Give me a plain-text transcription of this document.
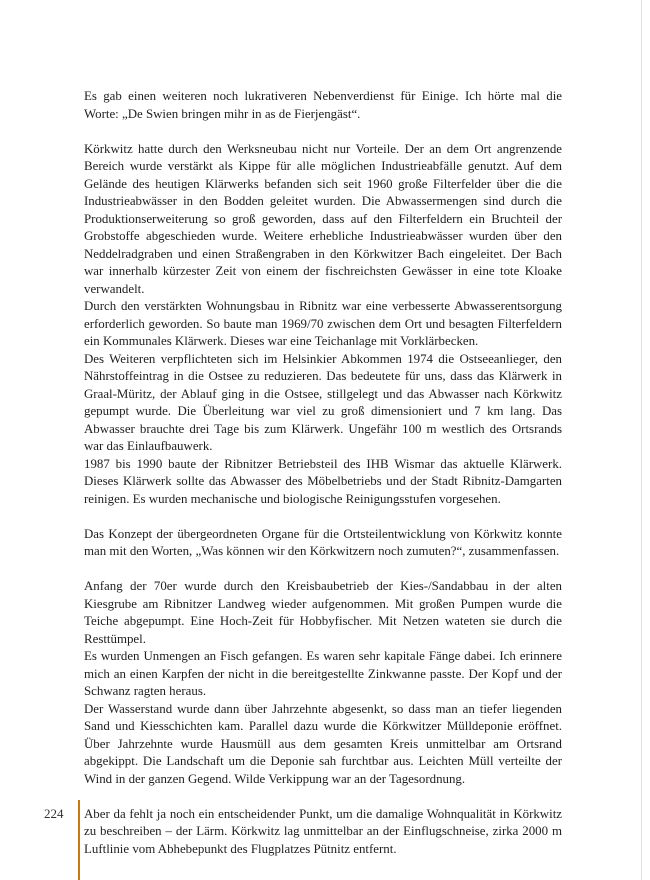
Es gab einen weiteren noch lukrativeren Nebenverdienst für Einige. Ich hörte mal die Worte: „De Swien bringen mihr in as de Fierjengäst“.

Körkwitz hatte durch den Werksneubau nicht nur Vorteile. Der an dem Ort angrenzende Bereich wurde verstärkt als Kippe für alle möglichen Industrieabfälle genutzt. Auf dem Gelände des heutigen Klärwerks befanden sich seit 1960 große Filterfelder über die die Industrieabwässer in den Bodden geleitet wurden. Die Abwassermengen sind durch die Produktionserweiterung so groß geworden, dass auf den Filterfeldern ein Bruchteil der Grobstoffe abgeschieden wurde. Weitere erhebliche Industrieabwässer wurden über den Neddelradgraben und einen Straßengraben in den Körkwitzer Bach eingeleitet. Der Bach war innerhalb kürzester Zeit von einem der fischreichsten Gewässer in eine tote Kloake verwandelt.

Durch den verstärkten Wohnungsbau in Ribnitz war eine verbesserte Abwasserentsorgung erforderlich geworden. So baute man 1969/70 zwischen dem Ort und besagten Filterfeldern ein Kommunales Klärwerk. Dieses war eine Teichanlage mit Vorklärbecken.

Des Weiteren verpflichteten sich im Helsinkier Abkommen 1974 die Ostseeanlieger, den Nährstoffeintrag in die Ostsee zu reduzieren. Das bedeutete für uns, dass das Klärwerk in Graal-Müritz, der Ablauf ging in die Ostsee, stillgelegt und das Abwasser nach Körkwitz gepumpt wurde. Die Überleitung war viel zu groß dimensioniert und 7 km lang. Das Abwasser brauchte drei Tage bis zum Klärwerk. Ungefähr 100 m westlich des Ortsrands war das Einlaufbauwerk.

1987 bis 1990 baute der Ribnitzer Betriebsteil des IHB Wismar das aktuelle Klärwerk. Dieses Klärwerk sollte das Abwasser des Möbelbetriebs und der Stadt Ribnitz-Damgarten reinigen. Es wurden mechanische und biologische Reinigungsstufen vorgesehen.

Das Konzept der übergeordneten Organe für die Ortsteilentwicklung von Körkwitz konnte man mit den Worten, „Was können wir den Körkwitzern noch zumuten?“, zusammenfassen.

Anfang der 70er wurde durch den Kreisbaubetrieb der Kies-/Sandabbau in der alten Kiesgrube am Ribnitzer Landweg wieder aufgenommen. Mit großen Pumpen wurde die Teiche abgepumpt. Eine Hoch-Zeit für Hobbyfischer. Mit Netzen wateten sie durch die Resttümpel.

Es wurden Unmengen an Fisch gefangen. Es waren sehr kapitale Fänge dabei. Ich erinnere mich an einen Karpfen der nicht in die bereitgestellte Zinkwanne passte. Der Kopf und der Schwanz ragten heraus.

Der Wasserstand wurde dann über Jahrzehnte abgesenkt, so dass man an tiefer liegenden Sand und Kiesschichten kam. Parallel dazu wurde die Körkwitzer Mülldeponie eröffnet. Über Jahrzehnte wurde Hausmüll aus dem gesamten Kreis unmittelbar am Ortsrand abgekippt. Die Landschaft um die Deponie sah furchtbar aus. Leichten Müll verteilte der Wind in der ganzen Gegend. Wilde Verkippung war an der Tagesordnung.

Aber da fehlt ja noch ein entscheidender Punkt, um die damalige Wohnqualität in Körkwitz zu beschreiben – der Lärm. Körkwitz lag unmittelbar an der Einflugschneise, zirka 2000 m Luftlinie vom Abhebepunkt des Flugplatzes Pütnitz entfernt.

224
